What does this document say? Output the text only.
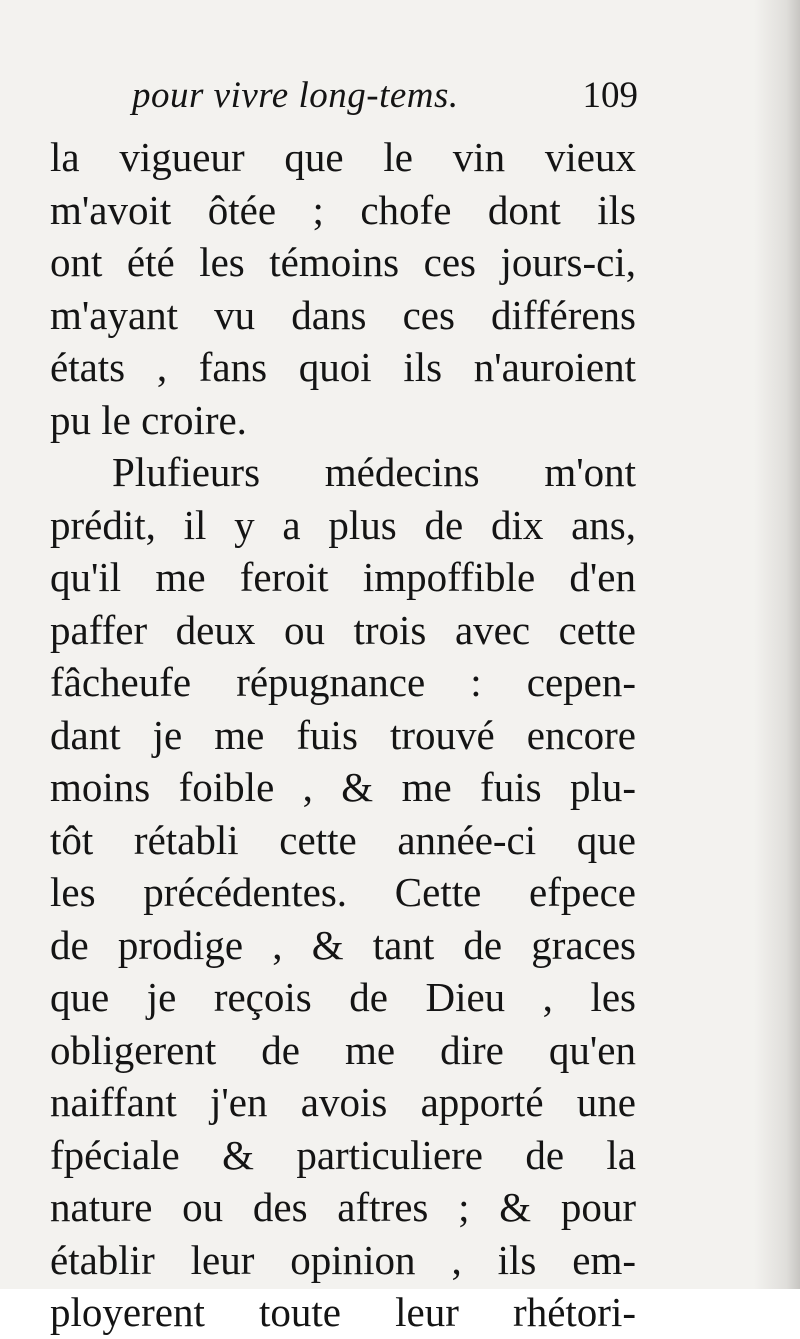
pour vivre long-tems.	109
la vigueur que le vin vieux
m'avoit ôtée ; chofe dont ils
ont été les témoins ces jours-ci,
m'ayant vu dans ces différens
états , fans quoi ils n'auroient
pu le croire.
Plufieurs médecins m'ont
prédit, il y a plus de dix ans,
qu'il me feroit impoffible d'en
paffer deux ou trois avec cette
fâcheufe répugnance : cepen-
dant je me fuis trouvé encore
moins foible , & me fuis plu-
tôt rétabli cette année-ci que
les précédentes. Cette efpece
de prodige , & tant de graces
que je reçois de Dieu , les
obligerent de me dire qu'en
naiffant j'en avois apporté une
fpéciale & particuliere de la
nature ou des aftres ; & pour
établir leur opinion , ils em-
ployerent toute leur rhétori-
